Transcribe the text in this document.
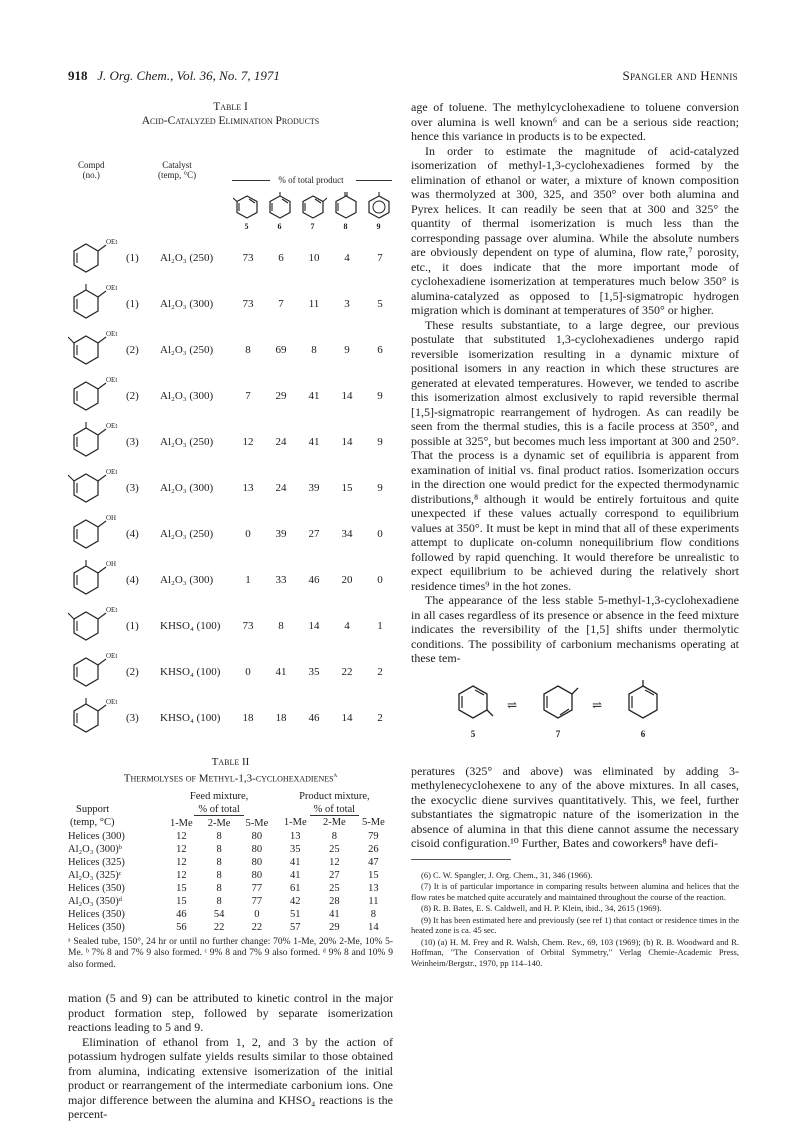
918 J. Org. Chem., Vol. 36, No. 7, 1971	Spangler and Hennis
Table I
Acid-Catalyzed Elimination Products
Compd
(no.)
Catalyst
(temp, °C)	% of total product
5	6	7	8	9
OEt
(1) Al₂O₃ (250)	73	6	10	4	7
OEt
(1) Al₂O₃ (300)	73	7	11	3	5
OEt
(2) Al₂O₃ (250)	8	69	8	9	6
OEt
(2) Al₂O₃ (300)	7	29	41	14	9
OEt
(3) Al₂O₃ (250)	12	24	41	14	9
OEt
(3) Al₂O₃ (300)	13	24	39	15	9
OH
(4) Al₂O₃ (250)	0	39	27	34	0
OH
(4) Al₂O₃ (300)	1	33	46	20	0
OEt
(1) KHSO₄ (100)	73	8	14	4	1
OEt
(2) KHSO₄ (100)	0	41	35	22	2
OEt
(3) KHSO₄ (100)	18	18	46	14	2
Table II
Thermolyses of Methyl-1,3-cyclohexadienes$^a$
	Feed mixture,			Product mixture,		
Support	% of total			% of total		
(temp, °C)	1-Me	2-Me	5-Me	1-Me	2-Me	5-Me
Helices (300)	12	8	80	13	8	79
Al₂O₃ (300)ᵇ	12	8	80	35	25	26
Helices (325)	12	8	80	41	12	47
Al₂O₃ (325)ᶜ	12	8	80	41	27	15
Helices (350)	15	8	77	61	25	13
Al₂O₃ (350)ᵈ	15	8	77	42	28	11
Helices (350)	46	54	0	51	41	8
Helices (350)	56	22	22	57	29	14
ᵃ Sealed tube, 150°, 24 hr or until no further change: 70% 1-Me, 20% 2-Me, 10% 5-Me. ᵇ 7% 8 and 7% 9 also formed. ᶜ 9% 8 and 7% 9 also formed. ᵈ 9% 8 and 10% 9 also formed.

mation (5 and 9) can be attributed to kinetic control in the major product formation step, followed by separate isomerization reactions leading to 5 and 9.

Elimination of ethanol from 1, 2, and 3 by the action of potassium hydrogen sulfate yields results similar to those obtained from alumina, indicating extensive isomerization of the initial product or rearrangement of the intermediate carbonium ions. One major difference between the alumina and KHSO₄ reactions is the percent-

age of toluene. The methylcyclohexadiene to toluene conversion over alumina is well known⁶ and can be a serious side reaction; hence this variance in products is to be expected.

In order to estimate the magnitude of acid-catalyzed isomerization of methyl-1,3-cyclohexadienes formed by the elimination of ethanol or water, a mixture of known composition was thermolyzed at 300, 325, and 350° over both alumina and Pyrex helices. It can readily be seen that at 300 and 325° the quantity of thermal isomerization is much less than the corresponding passage over alumina. While the absolute numbers are obviously dependent on type of alumina, flow rate,⁷ porosity, etc., it does indicate that the more important mode of cyclohexadiene isomerization at temperatures much below 350° is alumina-catalyzed as opposed to [1,5]-sigmatropic hydrogen migration which is dominant at temperatures of 350° or higher.

These results substantiate, to a large degree, our previous postulate that substituted 1,3-cyclohexadienes undergo rapid reversible isomerization resulting in a dynamic mixture of positional isomers in any reaction in which these structures are generated at elevated temperatures. However, we tended to ascribe this isomerization almost exclusively to rapid reversible thermal [1,5]-sigmatropic rearrangement of hydrogen. As can readily be seen from the thermal studies, this is a facile process at 350°, and possible at 325°, but becomes much less important at 300 and 250°. That the process is a dynamic set of equilibria is apparent from examination of initial vs. final product ratios. Isomerization occurs in the direction one would predict for the expected thermodynamic distributions,⁸ although it would be entirely fortuitous and quite unexpected if these values actually correspond to equilibrium values at 350°. It must be kept in mind that all of these experiments attempt to duplicate on-column nonequilibrium flow conditions followed by rapid quenching. It would therefore be unrealistic to expect equilibrium to be achieved during the relatively short residence times⁹ in the hot zones.

The appearance of the less stable 5-methyl-1,3-cyclohexadiene in all cases regardless of its presence or absence in the feed mixture indicates the reversibility of the [1,5] shifts under thermolytic conditions. The possibility of carbonium mechanisms operating at these tem-

5
⇌
7
⇌
6

peratures (325° and above) was eliminated by adding 3-methylenecyclohexene to any of the above mixtures. In all cases, the exocyclic diene survives quantitatively. This, we feel, further substantiates the sigmatropic nature of the isomerization in the absence of alumina in that this diene cannot assume the necessary cisoid configuration.¹⁰ Further, Bates and coworkers⁸ have defi-

(6) C. W. Spangler, J. Org. Chem., 31, 346 (1966).

(7) It is of particular importance in comparing results between alumina and helices that the flow rates be matched quite accurately and maintained throughout the course of the reaction.

(8) R. B. Bates, E. S. Caldwell, and H. P. Klein, ibid., 34, 2615 (1969).

(9) It has been estimated here and previously (see ref 1) that contact or residence times in the heated zone is ca. 45 sec.

(10) (a) H. M. Frey and R. Walsh, Chem. Rev., 69, 103 (1969); (b) R. B. Woodward and R. Hoffman, "The Conservation of Orbital Symmetry," Verlag Chemie-Academic Press, Weinheim/Bergstr., 1970, pp 114–140.
